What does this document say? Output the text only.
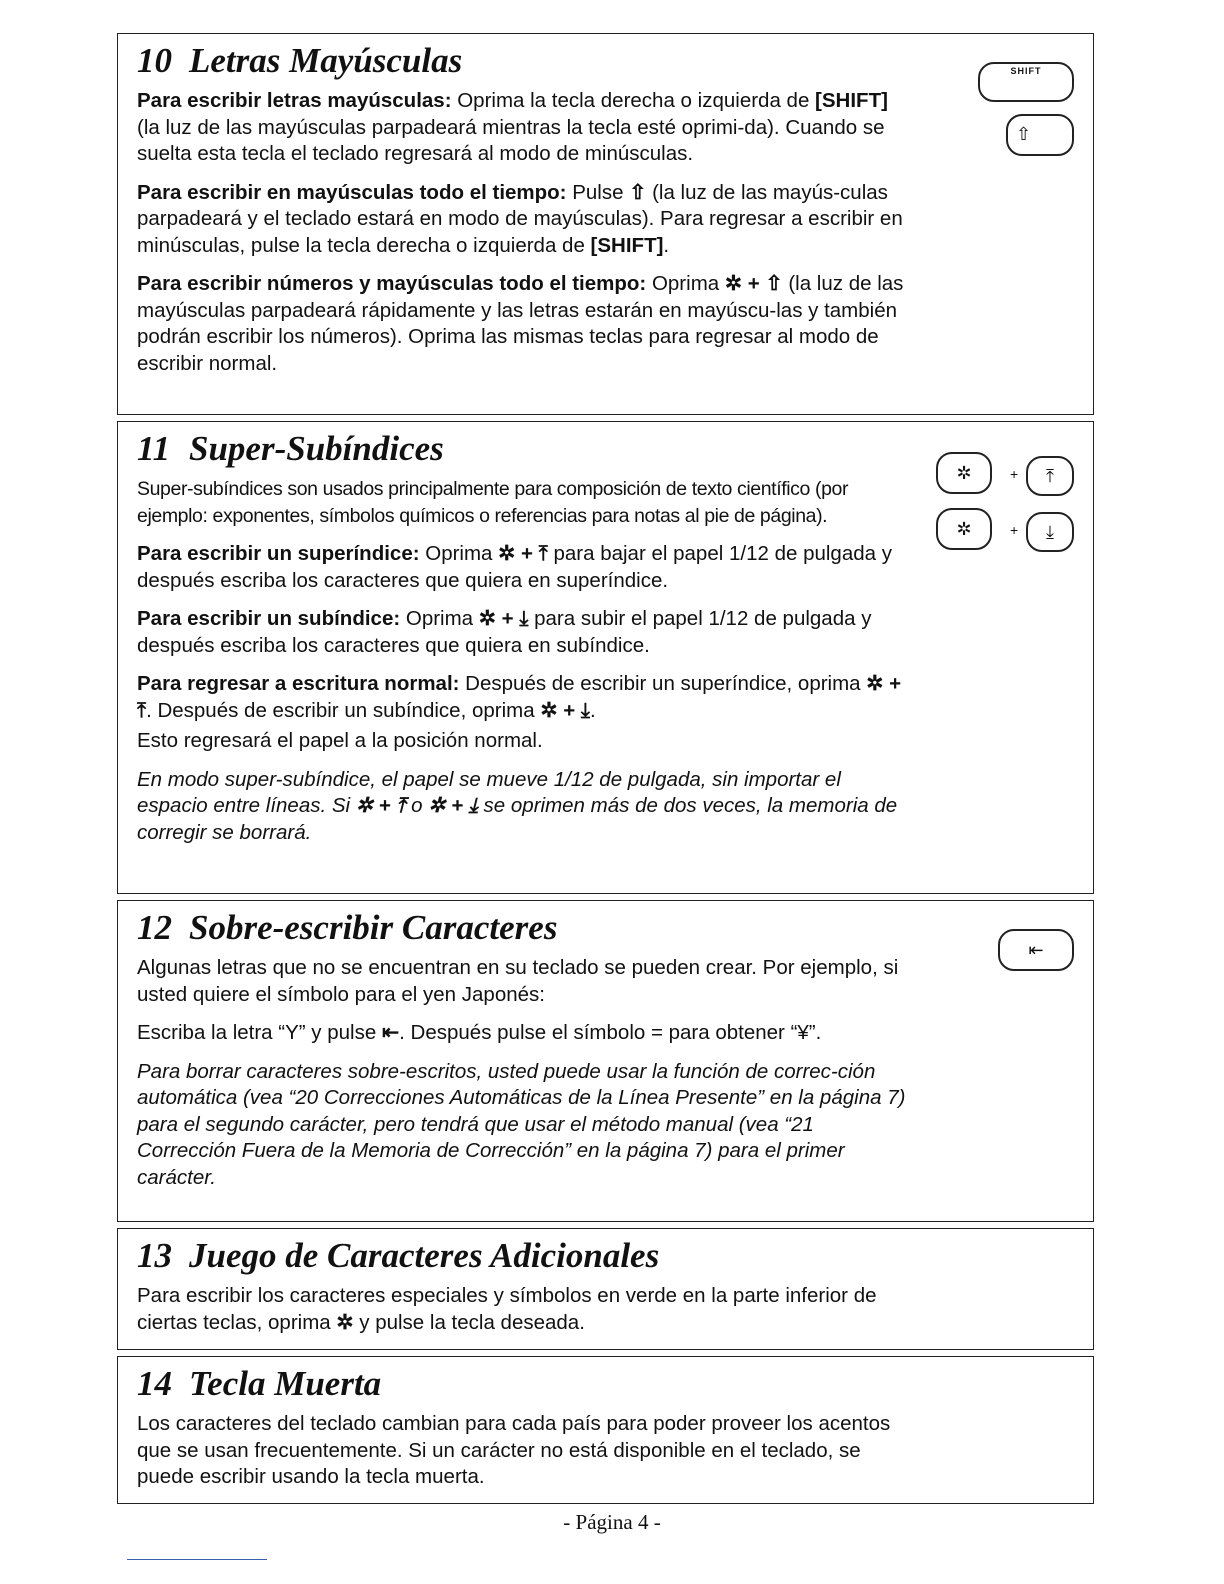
10 Letras Mayúsculas

Para escribir letras mayúsculas: Oprima la tecla derecha o izquierda de [SHIFT] (la luz de las mayúsculas parpadeará mientras la tecla esté oprimi-da). Cuando se suelta esta tecla el teclado regresará al modo de minúsculas.

Para escribir en mayúsculas todo el tiempo: Pulse ⇧ (la luz de las mayús-culas parpadeará y el teclado estará en modo de mayúsculas). Para regresar a escribir en minúsculas, pulse la tecla derecha o izquierda de [SHIFT].

Para escribir números y mayúsculas todo el tiempo: Oprima ✲ + ⇧ (la luz de las mayúsculas parpadeará rápidamente y las letras estarán en mayúscu-las y también podrán escribir los números). Oprima las mismas teclas para regresar al modo de escribir normal.

SHIFT
⇧
11 Super-Subíndices

Super-subíndices son usados principalmente para composición de texto científico (por ejemplo: exponentes, símbolos químicos o referencias para notas al pie de página).

Para escribir un superíndice: Oprima ✲ + ⤒ para bajar el papel 1/12 de pulgada y después escriba los caracteres que quiera en superíndice.

Para escribir un subíndice: Oprima ✲ + ⤓ para subir el papel 1/12 de pulgada y después escriba los caracteres que quiera en subíndice.

Para regresar a escritura normal: Después de escribir un superíndice, oprima ✲ + ⤒. Después de escribir un subíndice, oprima ✲ + ⤓.

Esto regresará el papel a la posición normal.

En modo super-subíndice, el papel se mueve 1/12 de pulgada, sin importar el espacio entre líneas. Si ✲ + ⤒ o ✲ + ⤓ se oprimen más de dos veces, la memoria de corregir se borrará.

✲	+ ⤒
✲	+ ⤓
12 Sobre-escribir Caracteres

Algunas letras que no se encuentran en su teclado se pueden crear. Por ejemplo, si usted quiere el símbolo para el yen Japonés:

Escriba la letra “Y” y pulse ⇤. Después pulse el símbolo = para obtener “¥”.

Para borrar caracteres sobre-escritos, usted puede usar la función de correc-ción automática (vea “20 Correcciones Automáticas de la Línea Presente” en la página 7) para el segundo carácter, pero tendrá que usar el método manual (vea “21 Corrección Fuera de la Memoria de Corrección” en la página 7) para el primer carácter.

⇤
13 Juego de Caracteres Adicionales

Para escribir los caracteres especiales y símbolos en verde en la parte inferior de ciertas teclas, oprima ✲ y pulse la tecla deseada.

14 Tecla Muerta

Los caracteres del teclado cambian para cada país para poder proveer los acentos que se usan frecuentemente. Si un carácter no está disponible en el teclado, se puede escribir usando la tecla muerta.

- Página 4 -
